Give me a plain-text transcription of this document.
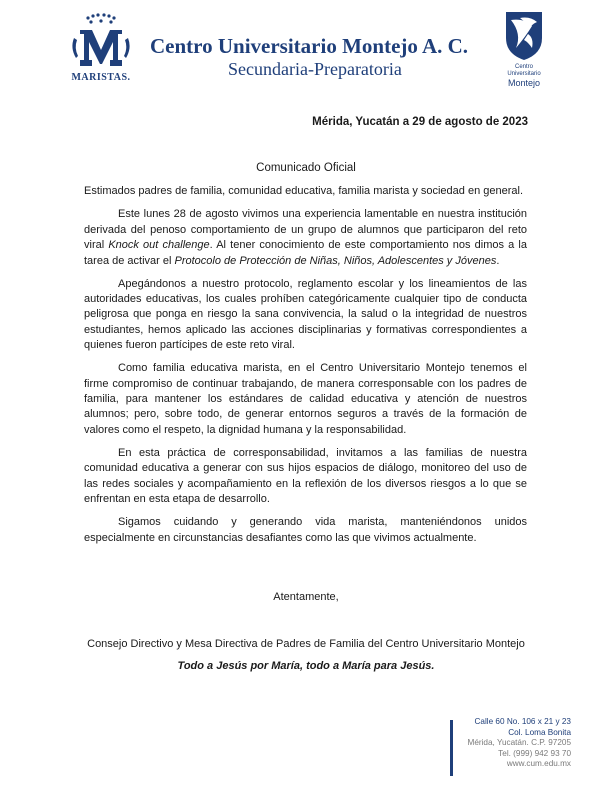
MARISTAS.
Centro Universitario Montejo A. C.
Secundaria-Preparatoria	Centro Universitario
Montejo
Mérida, Yucatán a 29 de agosto de 2023
Comunicado Oficial

Estimados padres de familia, comunidad educativa, familia marista y sociedad en general.

Este lunes 28 de agosto vivimos una experiencia lamentable en nuestra institución derivada del penoso comportamiento de un grupo de alumnos que participaron del reto viral Knock out challenge. Al tener conocimiento de este comportamiento nos dimos a la tarea de activar el Protocolo de Protección de Niñas, Niños, Adolescentes y Jóvenes.

Apegándonos a nuestro protocolo, reglamento escolar y los lineamientos de las autoridades educativas, los cuales prohíben categóricamente cualquier tipo de conducta peligrosa que ponga en riesgo la sana convivencia, la salud o la integridad de nuestros estudiantes, hemos aplicado las acciones disciplinarias y formativas correspondientes a quienes fueron partícipes de este reto viral.

Como familia educativa marista, en el Centro Universitario Montejo tenemos el firme compromiso de continuar trabajando, de manera corresponsable con los padres de familia, para mantener los estándares de calidad educativa y atención de nuestros alumnos; pero, sobre todo, de generar entornos seguros a través de la formación de valores como el respeto, la dignidad humana y la responsabilidad.

En esta práctica de corresponsabilidad, invitamos a las familias de nuestra comunidad educativa a generar con sus hijos espacios de diálogo, monitoreo del uso de las redes sociales y acompañamiento en la reflexión de los diversos riesgos a lo que se enfrentan en esta etapa de desarrollo.

Sigamos cuidando y generando vida marista, manteniéndonos unidos especialmente en circunstancias desafiantes como las que vivimos actualmente.

Atentamente,
Consejo Directivo y Mesa Directiva de Padres de Familia del Centro Universitario Montejo
Todo a Jesús por María, todo a María para Jesús.
Calle 60 No. 106 x 21 y 23
Col. Loma Bonita
Mérida, Yucatán. C.P. 97205
Tel. (999) 942 93 70
www.cum.edu.mx
